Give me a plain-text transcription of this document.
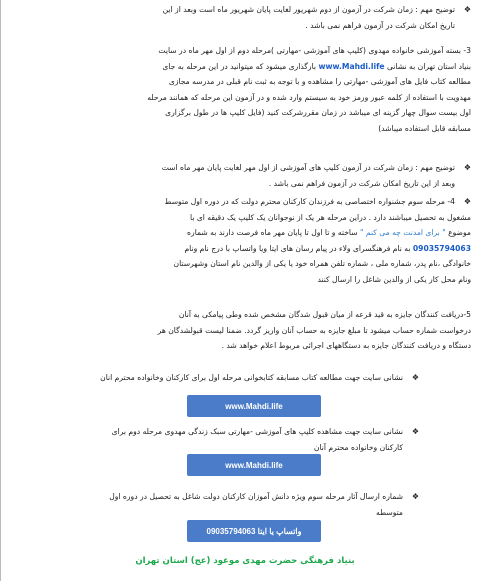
❖
توضیح مهم : زمان شرکت در آزمون از دوم شهریور لغایت پایان شهریور ماه است وبعد از این
تاریخ امکان شرکت در آزمون فراهم نمی باشد .
3- بسته آموزشی خانواده مهدوی (کلیپ های آموزشی -مهارتی )مرحله دوم از اول مهر ماه در سایت
بنیاد استان تهران به نشانی www.Mahdi.life بارگذاری میشود که میتوانید در این مرحله به جای
مطالعه کتاب فایل های آموزشی -مهارتی را مشاهده و با توجه به ثبت نام قبلی در مدرسه مجازی
مهدویت با استفاده از کلمه عبور ورمز خود به سیستم وارد شده و در آزمون این مرحله که همانند مرحله
اول بیست سوال چهار گزینه ای میباشد در زمان مقررشرکت کنید (فایل کلیپ ها در طول برگزاری
مسابقه قابل استفاده میباشد)
❖
توضیح مهم : زمان شرکت در آزمون کلیپ های آموزشی از اول مهر لغایت پایان مهر ماه است
وبعد از این تاریخ امکان شرکت در آزمون فراهم نمی باشد .
❖
4- مرحله سوم جشنواره اختصاصی به فرزندان کارکنان محترم دولت که در دوره اول متوسط
مشغول به تحصیل میباشند دارد . دراین مرحله هر یک از نوجوانان یک کلیپ یک دقیقه ای با
موضوع " برای امدنت چه می کنم " ساخته و تا اول تا پایان مهر ماه فرصت دارند به شماره
09035794063 به نام فرهنگسرای ولاء در پیام رسان های ایتا ویا واتساپ با درج نام ونام
خانوادگی ،نام پدر، شماره ملی ، شماره تلفن همراه خود یا یکی از والدین نام استان وشهرستان
ونام محل کار یکی از والدین شاغل را ارسال کنند
5-دریافت کنندگان جایزه به قید قرعه از میان قبول شدگان مشخص شده وطی پیامکی به آنان
درخواست شماره حساب میشود تا مبلغ جایزه به حساب آنان واریز گردد. ضمنا لیست قبولشدگان هر
دستگاه و دریافت کنندگان جایزه به دستگاههای اجرائی مربوط اعلام خواهد شد .
❖
نشانی سایت جهت مطالعه کتاب مسابقه کتابخوانی مرحله اول برای کارکنان وخانواده محترم انان
www.Mahdi.life
❖
نشانی سایت جهت مشاهده کلیپ های آموزشی -مهارتی سبک زندگی مهدوی مرحله دوم برای
کارکنان وخانواده محترم آنان
www.Mahdi.life
❖
شماره ارسال آثار مرحله سوم ویژه دانش آموزان کارکنان دولت شاغل به تحصیل در دوره اول
متوسطه
واتساپ یا ایتا 09035794063
بنیاد فرهنگی حضرت مهدی موعود (عج) استان تهران
